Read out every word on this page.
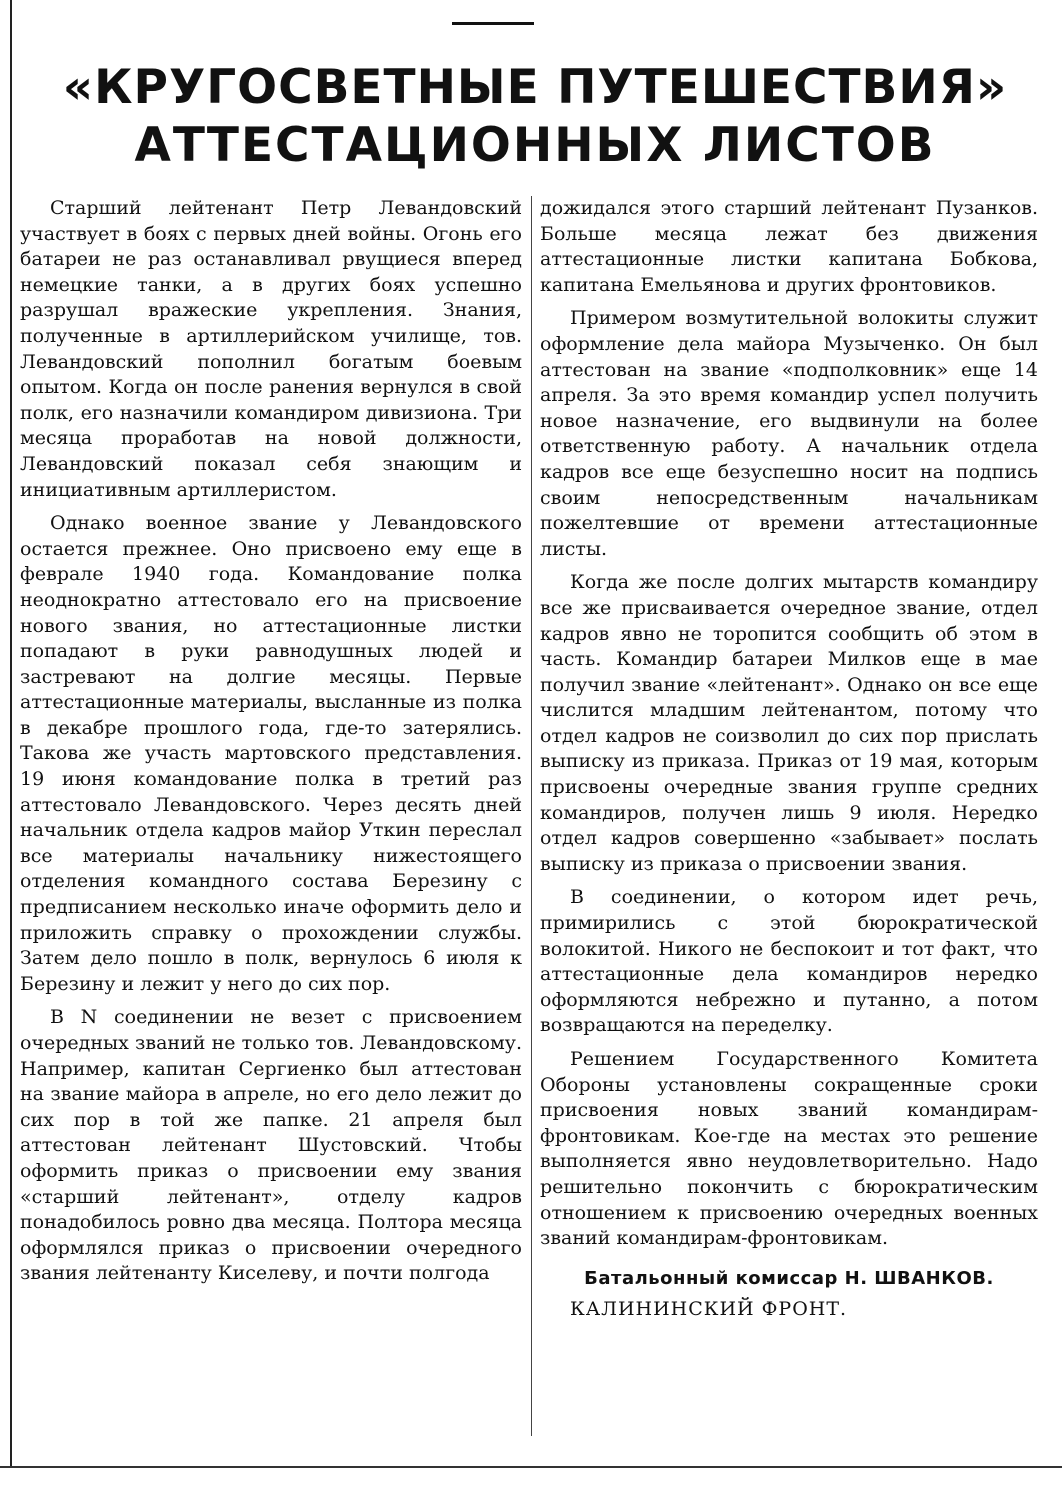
«КРУГОСВЕТНЫЕ ПУТЕШЕСТВИЯ»
АТТЕСТАЦИОННЫХ ЛИСТОВ

Старший лейтенант Петр Левандовский участвует в боях с первых дней войны. Огонь его батареи не раз останавливал рвущиеся вперед немецкие танки, а в других боях успешно разрушал вражеские укрепления. Знания, полученные в артиллерийском училище, тов. Левандовский пополнил богатым боевым опытом. Когда он после ранения вернулся в свой полк, его назначили командиром дивизиона. Три месяца проработав на новой должности, Левандовский показал себя знающим и инициативным артиллеристом.

Однако военное звание у Левандовского остается прежнее. Оно присвоено ему еще в феврале 1940 года. Командование полка неоднократно аттестовало его на присвоение нового звания, но аттестационные листки попадают в руки равнодушных людей и застревают на долгие месяцы. Первые аттестационные материалы, высланные из полка в декабре прошлого года, где-то затерялись. Такова же участь мартовского представления. 19 июня командование полка в третий раз аттестовало Левандовского. Через десять дней начальник отдела кадров майор Уткин переслал все материалы начальнику нижестоящего отделения командного состава Березину с предписанием несколько иначе оформить дело и приложить справку о прохождении службы. Затем дело пошло в полк, вернулось 6 июля к Березину и лежит у него до сих пор.

В N соединении не везет с присвоением очередных званий не только тов. Левандовскому. Например, капитан Сергиенко был аттестован на звание майора в апреле, но его дело лежит до сих пор в той же папке. 21 апреля был аттестован лейтенант Шустовский. Чтобы оформить приказ о присвоении ему звания «старший лейтенант», отделу кадров понадобилось ровно два месяца. Полтора месяца оформлялся приказ о присвоении очередного звания лейтенанту Киселеву, и почти полгода

дожидался этого старший лейтенант Пузанков. Больше месяца лежат без движения аттестационные листки капитана Бобкова, капитана Емельянова и других фронтовиков.

Примером возмутительной волокиты служит оформление дела майора Музыченко. Он был аттестован на звание «подполковник» еще 14 апреля. За это время командир успел получить новое назначение, его выдвинули на более ответственную работу. А начальник отдела кадров все еще безуспешно носит на подпись своим непосредственным начальникам пожелтевшие от времени аттестационные листы.

Когда же после долгих мытарств командиру все же присваивается очередное звание, отдел кадров явно не торопится сообщить об этом в часть. Командир батареи Милков еще в мае получил звание «лейтенант». Однако он все еще числится младшим лейтенантом, потому что отдел кадров не соизволил до сих пор прислать выписку из приказа. Приказ от 19 мая, которым присвоены очередные звания группе средних командиров, получен лишь 9 июля. Нередко отдел кадров совершенно «забывает» послать выписку из приказа о присвоении звания.

В соединении, о котором идет речь, примирились с этой бюрократической волокитой. Никого не беспокоит и тот факт, что аттестационные дела командиров нередко оформляются небрежно и путанно, а потом возвращаются на переделку.

Решением Государственного Комитета Обороны установлены сокращенные сроки присвоения новых званий командирам-фронтовикам. Кое-где на местах это решение выполняется явно неудовлетворительно. Надо решительно покончить с бюрократическим отношением к присвоению очередных военных званий командирам-фронтовикам.

Батальонный комиссар Н. ШВАНКОВ.
КАЛИНИНСКИЙ ФРОНТ.
